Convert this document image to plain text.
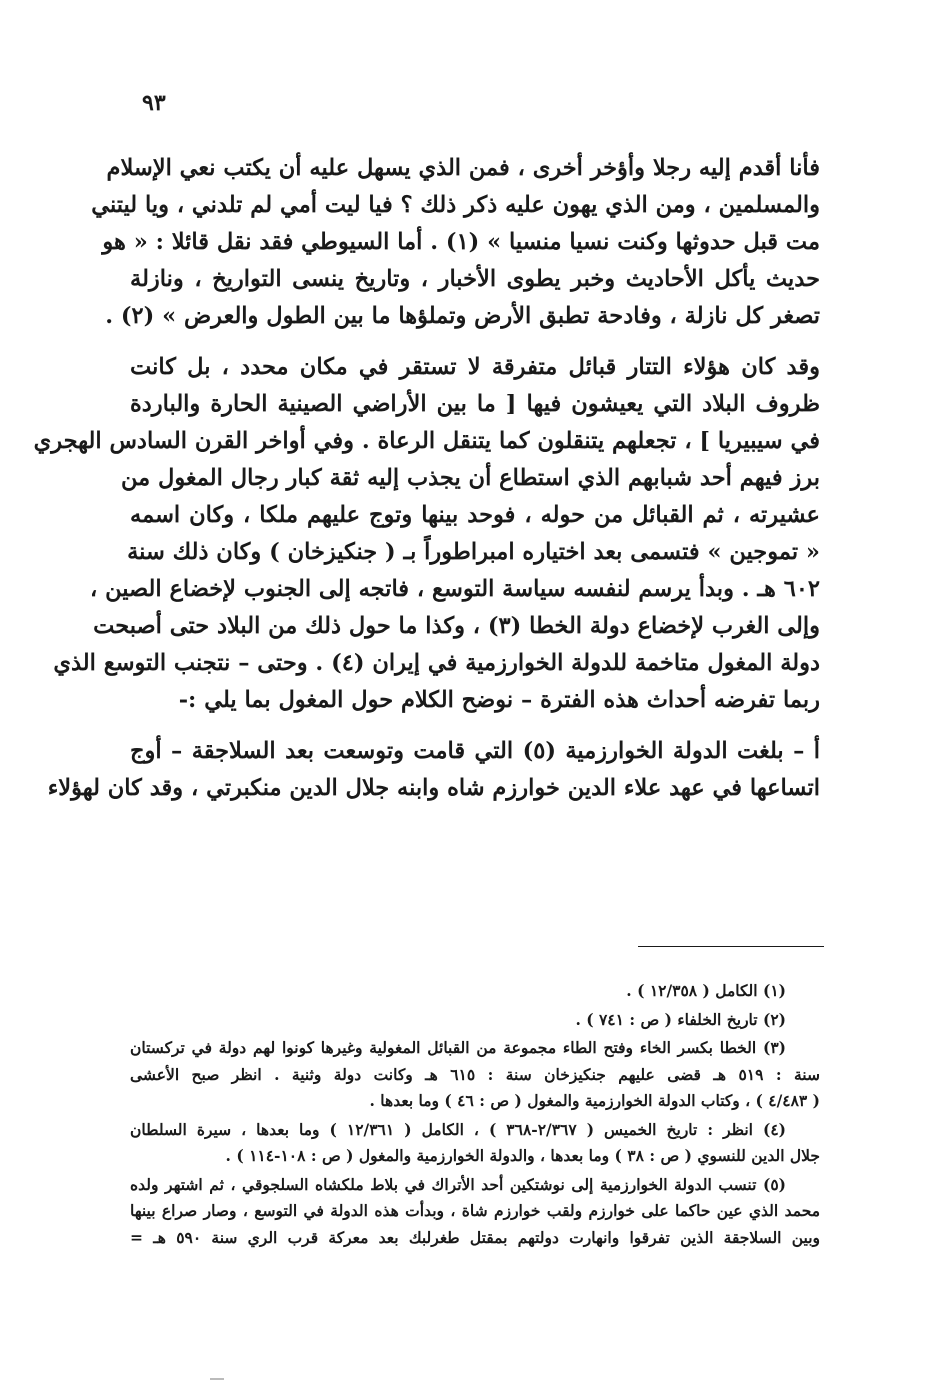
٩٣

فأنا أقدم إليه رجلا وأؤخر أخرى ، فمن الذي يسهل عليه أن يكتب نعي الإسلام
والمسلمين ، ومن الذي يهون عليه ذكر ذلك ؟ فيا ليت أمي لم تلدني ، ويا ليتني
مت قبل حدوثها وكنت نسيا منسيا » (١) . أما السيوطي فقد نقل قائلا : « هو
حديث يأكل الأحاديث وخبر يطوى الأخبار ، وتاريخ ينسى التواريخ ، ونازلة
تصغر كل نازلة ، وفادحة تطبق الأرض وتملؤها ما بين الطول والعرض » (٢) .

وقد كان هؤلاء التتار قبائل متفرقة لا تستقر في مكان محدد ، بل كانت
ظروف البلاد التي يعيشون فيها [ ما بين الأراضي الصينية الحارة والباردة
في سيبيريا ] ، تجعلهم يتنقلون كما يتنقل الرعاة . وفي أواخر القرن السادس الهجري
برز فيهم أحد شبابهم الذي استطاع أن يجذب إليه ثقة كبار رجال المغول من
عشيرته ، ثم القبائل من حوله ، فوحد بينها وتوج عليهم ملكا ، وكان اسمه
« تموجين » فتسمى بعد اختياره امبراطوراً بـ ( جنكيزخان ) وكان ذلك سنة
٦٠٢ هـ . وبدأ يرسم لنفسه سياسة التوسع ، فاتجه إلى الجنوب لإخضاع الصين ،
وإلى الغرب لإخضاع دولة الخطا (٣) ، وكذا ما حول ذلك من البلاد حتى أصبحت
دولة المغول متاخمة للدولة الخوارزمية في إيران (٤) . وحتى – نتجنب التوسع الذي
ربما تفرضه أحداث هذه الفترة – نوضح الكلام حول المغول بما يلي :-

أ – بلغت الدولة الخوارزمية (٥) التي قامت وتوسعت بعد السلاجقة – أوج
اتساعها في عهد علاء الدين خوارزم شاه وابنه جلال الدين منكبرتي ، وقد كان لهؤلاء

(١) الكامل ( ١٢/٣٥٨ ) .
(٢) تاريخ الخلفاء ( ص : ٧٤١ ) .
(٣) الخطا بكسر الخاء وفتح الطاء مجموعة من القبائل المغولية وغيرها كونوا لهم دولة في تركستان
سنة : ٥١٩ هـ قضى عليهم جنكيزخان سنة : ٦١٥ هـ وكانت دولة وثنية . انظر صبح الأعشى
( ٤/٤٨٣ ) ، وكتاب الدولة الخوارزمية والمغول ( ص : ٤٦ ) وما بعدها .
(٤) انظر : تاريخ الخميس ( ٢/٣٦٧-٣٦٨ ) ، الكامل ( ١٢/٣٦١ ) وما بعدها ، سيرة السلطان
جلال الدين للنسوي ( ص : ٣٨ ) وما بعدها ، والدولة الخوارزمية والمغول ( ص : ١٠٨-١١٤ ) .
(٥) تنسب الدولة الخوارزمية إلى نوشتكين أحد الأتراك في بلاط ملكشاه السلجوقي ، ثم اشتهر ولده
محمد الذي عين حاكما على خوارزم ولقب خوارزم شاة ، وبدأت هذه الدولة في التوسع ، وصار صراع بينها
وبين السلاجقة الذين تفرقوا وانهارت دولتهم بمقتل طغرلبك بعد معركة قرب الري سنة ٥٩٠ هـ =
